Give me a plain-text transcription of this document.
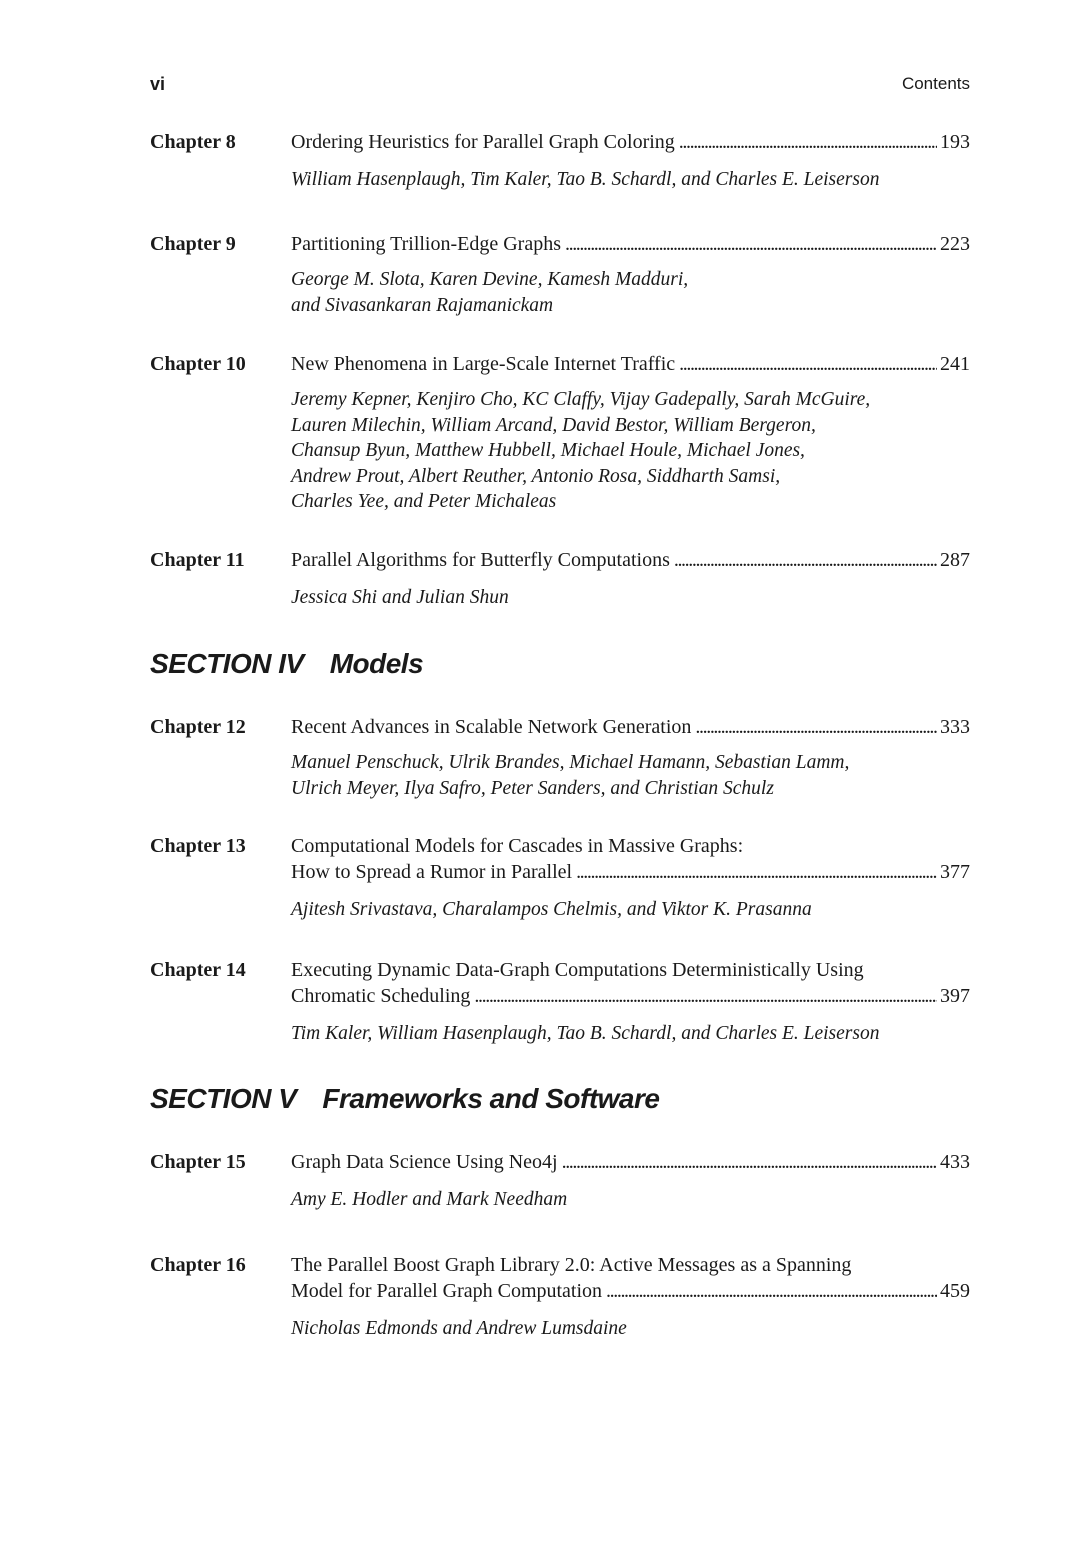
vi	Contents
Chapter 8	Ordering Heuristics for Parallel Graph Coloring . . .	193
William Hasenplaugh, Tim Kaler, Tao B. Schardl, and Charles E. Leiserson
Chapter 9	Partitioning Trillion-Edge Graphs . . .	223
George M. Slota, Karen Devine, Kamesh Madduri,
and Sivasankaran Rajamanickam
Chapter 10 New Phenomena in Large-Scale Internet Traffic . . .	241
Jeremy Kepner, Kenjiro Cho, KC Claffy, Vijay Gadepally, Sarah McGuire,
Lauren Milechin, William Arcand, David Bestor, William Bergeron,
Chansup Byun, Matthew Hubbell, Michael Houle, Michael Jones,
Andrew Prout, Albert Reuther, Antonio Rosa, Siddharth Samsi,
Charles Yee, and Peter Michaleas
Chapter 11 Parallel Algorithms for Butterfly Computations . . .	287
Jessica Shi and Julian Shun
SECTION IV Models
Chapter 12 Recent Advances in Scalable Network Generation . . .	333
Manuel Penschuck, Ulrik Brandes, Michael Hamann, Sebastian Lamm,
Ulrich Meyer, Ilya Safro, Peter Sanders, and Christian Schulz
Chapter 13 Computational Models for Cascades in Massive Graphs:
How to Spread a Rumor in Parallel . . .	377
Ajitesh Srivastava, Charalampos Chelmis, and Viktor K. Prasanna
Chapter 14 Executing Dynamic Data-Graph Computations Deterministically Using
Chromatic Scheduling . . .	397
Tim Kaler, William Hasenplaugh, Tao B. Schardl, and Charles E. Leiserson
SECTION V Frameworks and Software
Chapter 15 Graph Data Science Using Neo4j . . .	433
Amy E. Hodler and Mark Needham
Chapter 16 The Parallel Boost Graph Library 2.0: Active Messages as a Spanning
Model for Parallel Graph Computation . . .	459
Nicholas Edmonds and Andrew Lumsdaine
